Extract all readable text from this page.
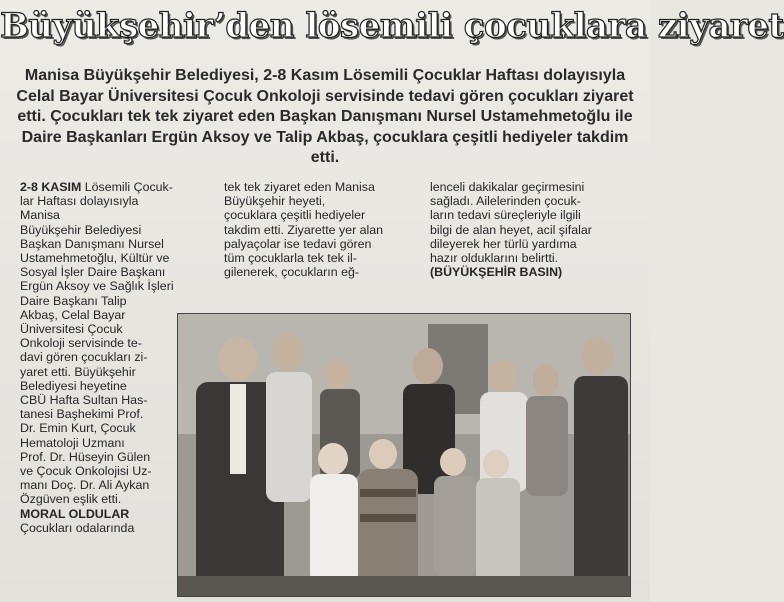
Büyükşehir’den lösemili çocuklara ziyaret
Manisa Büyükşehir Belediyesi, 2-8 Kasım Lösemili Çocuklar Haftası dolayısıyla Celal Bayar Üniversitesi Çocuk Onkoloji servisinde tedavi gören çocukları ziyaret etti. Çocukları tek tek ziyaret eden Başkan Danışmanı Nursel Ustamehmetoğlu ile Daire Başkanları Ergün Aksoy ve Talip Akbaş, çocuklara çeşitli hediyeler takdim etti.
2-8 KASIM Lösemili Çocuk-
lar Haftası dolayısıyla Manisa
Büyükşehir Belediyesi
Başkan Danışmanı Nursel
Ustamehmetoğlu, Kültür ve
Sosyal İşler Daire Başkanı
Ergün Aksoy ve Sağlık İşleri
Daire Başkanı Talip
Akbaş, Celal Bayar
Üniversitesi Çocuk
Onkoloji servisinde te-
davi gören çocukları zi-
yaret etti. Büyükşehir
Belediyesi heyetine
CBÜ Hafta Sultan Has-
tanesi Başhekimi Prof.
Dr. Emin Kurt, Çocuk
Hematoloji Uzmanı
Prof. Dr. Hüseyin Gülen
ve Çocuk Onkolojisi Uz-
manı Doç. Dr. Ali Aykan
Özgüven eşlik etti.

MORAL OLDULAR
Çocukları odalarında
tek tek ziyaret eden Manisa
Büyükşehir heyeti,
çocuklara çeşitli hediyeler
takdim etti. Ziyarette yer alan
palyaçolar ise tedavi gören
tüm çocuklarla tek tek il-
gilenerek, çocukların eğ-
lenceli dakikalar geçirmesini
sağladı. Ailelerinden çocuk-
ların tedavi süreçleriyle ilgili
bilgi de alan heyet, acil şifalar
dileyerek her türlü yardıma
hazır olduklarını belirtti.
(BÜYÜKŞEHİR BASIN)
